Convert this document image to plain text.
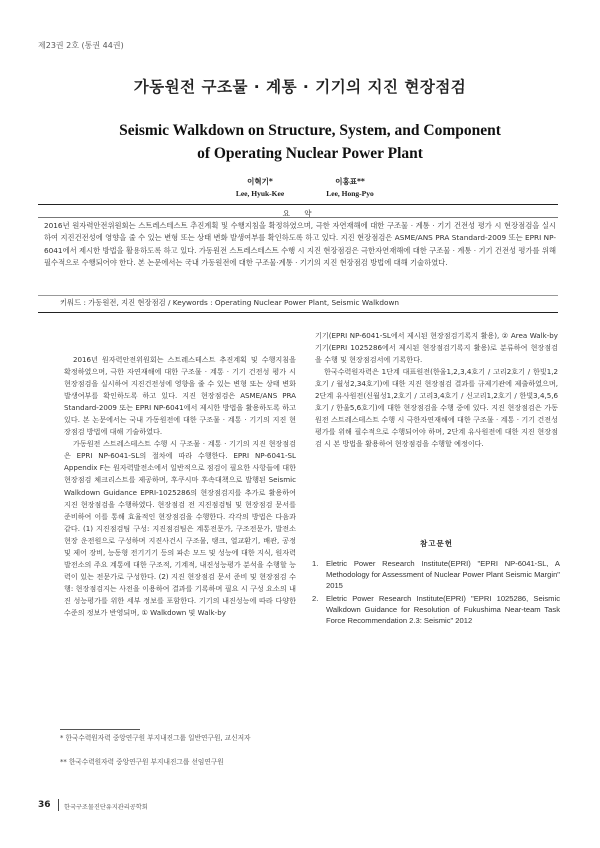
제23권 2호 (통권 44권)
가동원전 구조물 · 계통 · 기기의 지진 현장점검
Seismic Walkdown on Structure, System, and Component
of Operating Nuclear Power Plant
이혁기*
Lee, Hyuk-Kee
이홍표**
Lee, Hong-Pyo
요 약
2016년 원자력안전위원회는 스트레스테스트 추진계획 및 수행지침을 확정하였으며, 극한 자연재해에 대한 구조물 · 계통 · 기기 건전성 평가 시 현장점검을 실시하여 지진건전성에 영향을 줄 수 있는 변형 또는 상태 변화 발생여부를 확인하도록 하고 있다. 지진 현장점검은 ASME/ANS PRA Standard-2009 또는 EPRI NP-6041에서 제시한 방법을 활용하도록 하고 있다. 가동원전 스트레스테스트 수행 시 지진 현장점검은 극한자연재해에 대한 구조물 · 계통 · 기기 건전성 평가를 위해 필수적으로 수행되어야 한다. 본 논문에서는 국내 가동원전에 대한 구조물·계통 · 기기의 지진 현장점검 방법에 대해 기술하였다.
키워드 : 가동원전, 지진 현장점검 / Keywords : Operating Nuclear Power Plant, Seismic Walkdown

2016년 원자력안전위원회는 스트레스테스트 추진계획 및 수행지침을 확정하였으며, 극한 자연재해에 대한 구조물 · 계통 · 기기 건전성 평가 시 현장점검을 실시하여 지진건전성에 영향을 줄 수 있는 변형 또는 상태 변화 발생여부를 확인하도록 하고 있다. 지진 현장점검은 ASME/ANS PRA Standard-2009 또는 EPRI NP-6041에서 제시한 방법을 활용하도록 하고 있다. 본 논문에서는 국내 가동원전에 대한 구조물 · 계통 · 기기의 지진 현장점검 방법에 대해 기술하였다.

가동원전 스트레스테스트 수행 시 구조물 · 계통 · 기기의 지진 현장점검은 EPRI NP-6041-SL의 절차에 따라 수행한다. EPRI NP-6041-SL Appendix F는 원자력발전소에서 일반적으로 점검이 필요한 사항들에 대한 현장점검 체크리스트를 제공하며, 후쿠시마 후속대책으로 발행된 Seismic Walkdown Guidance EPRI-1025286의 현장점검지를 추가로 활용하여 지진 현장점검을 수행하였다. 현장점검 전 지진점검팀 및 현장점검 문서를 준비하여 이를 통해 효율적인 현장점검을 수행한다. 각각의 방법은 다음과 같다. (1) 지진점검팀 구성: 지진점검팀은 계통전문가, 구조전문가, 발전소 현장 운전원으로 구성하며 지진사건시 구조물, 탱크, 열교환기, 배관, 공정 및 제어 장비, 능동형 전기기기 등의 파손 모드 및 성능에 대한 지식, 원자력 발전소의 주요 계통에 대한 구조적, 기계적, 내진성능평가 분석을 수행할 능력이 있는 전문가로 구성한다. (2) 지진 현장점검 문서 준비 및 현장점검 수행: 현장점검지는 사전을 이용하여 결과를 기록하며 필요 시 구성 요소의 내진 성능평가를 위한 세부 정보를 포함한다. 기기의 내진성능에 따라 다양한 수준의 정보가 반영되며, ① Walkdown 및 Walk-by

기기(EPRI NP-6041-SL에서 제시된 현장점검기록지 활용), ② Area Walk-by 기기(EPRI 1025286에서 제시된 현장점검기록지 활용)로 분류하여 현장점검을 수행 및 현장점검서에 기록한다.

한국수력원자력은 1단계 대표원전(한울1,2,3,4호기 / 고리2호기 / 한빛1,2호기 / 월성2,34호기)에 대한 지진 현장점검 결과를 규제기관에 제출하였으며, 2단계 유사원전(신월성1,2호기 / 고리3,4호기 / 신고리1,2호기 / 한빛3,4,5,6호기 / 한울5,6호기)에 대한 현장점검을 수행 중에 있다. 지진 현장점검은 가동원전 스트레스테스트 수행 시 극한자연재해에 대한 구조물 · 계통 · 기기 건전성 평가를 위해 필수적으로 수행되어야 하며, 2단계 유사원전에 대한 지진 현장점검 시 본 방법을 활용하여 현장점검을 수행할 예정이다.

참고문헌
1. Eletric Power Research Institute(EPRI) "EPRI NP-6041-SL, A Methodology for Assessment of Nuclear Power Plant Seismic Margin" 2015
2. Eletric Power Research Institute(EPRI) "EPRI 1025286, Seismic Walkdown Guidance for Resolution of Fukushima Near-team Task Force Recommendation 2.3: Seismic" 2012
* 한국수력원자력 중앙연구원 부지내진그룹 일반연구원, 교신저자
** 한국수력원자력 중앙연구원 부지내진그룹 선임연구원
36 한국구조물진단유지관리공학회
